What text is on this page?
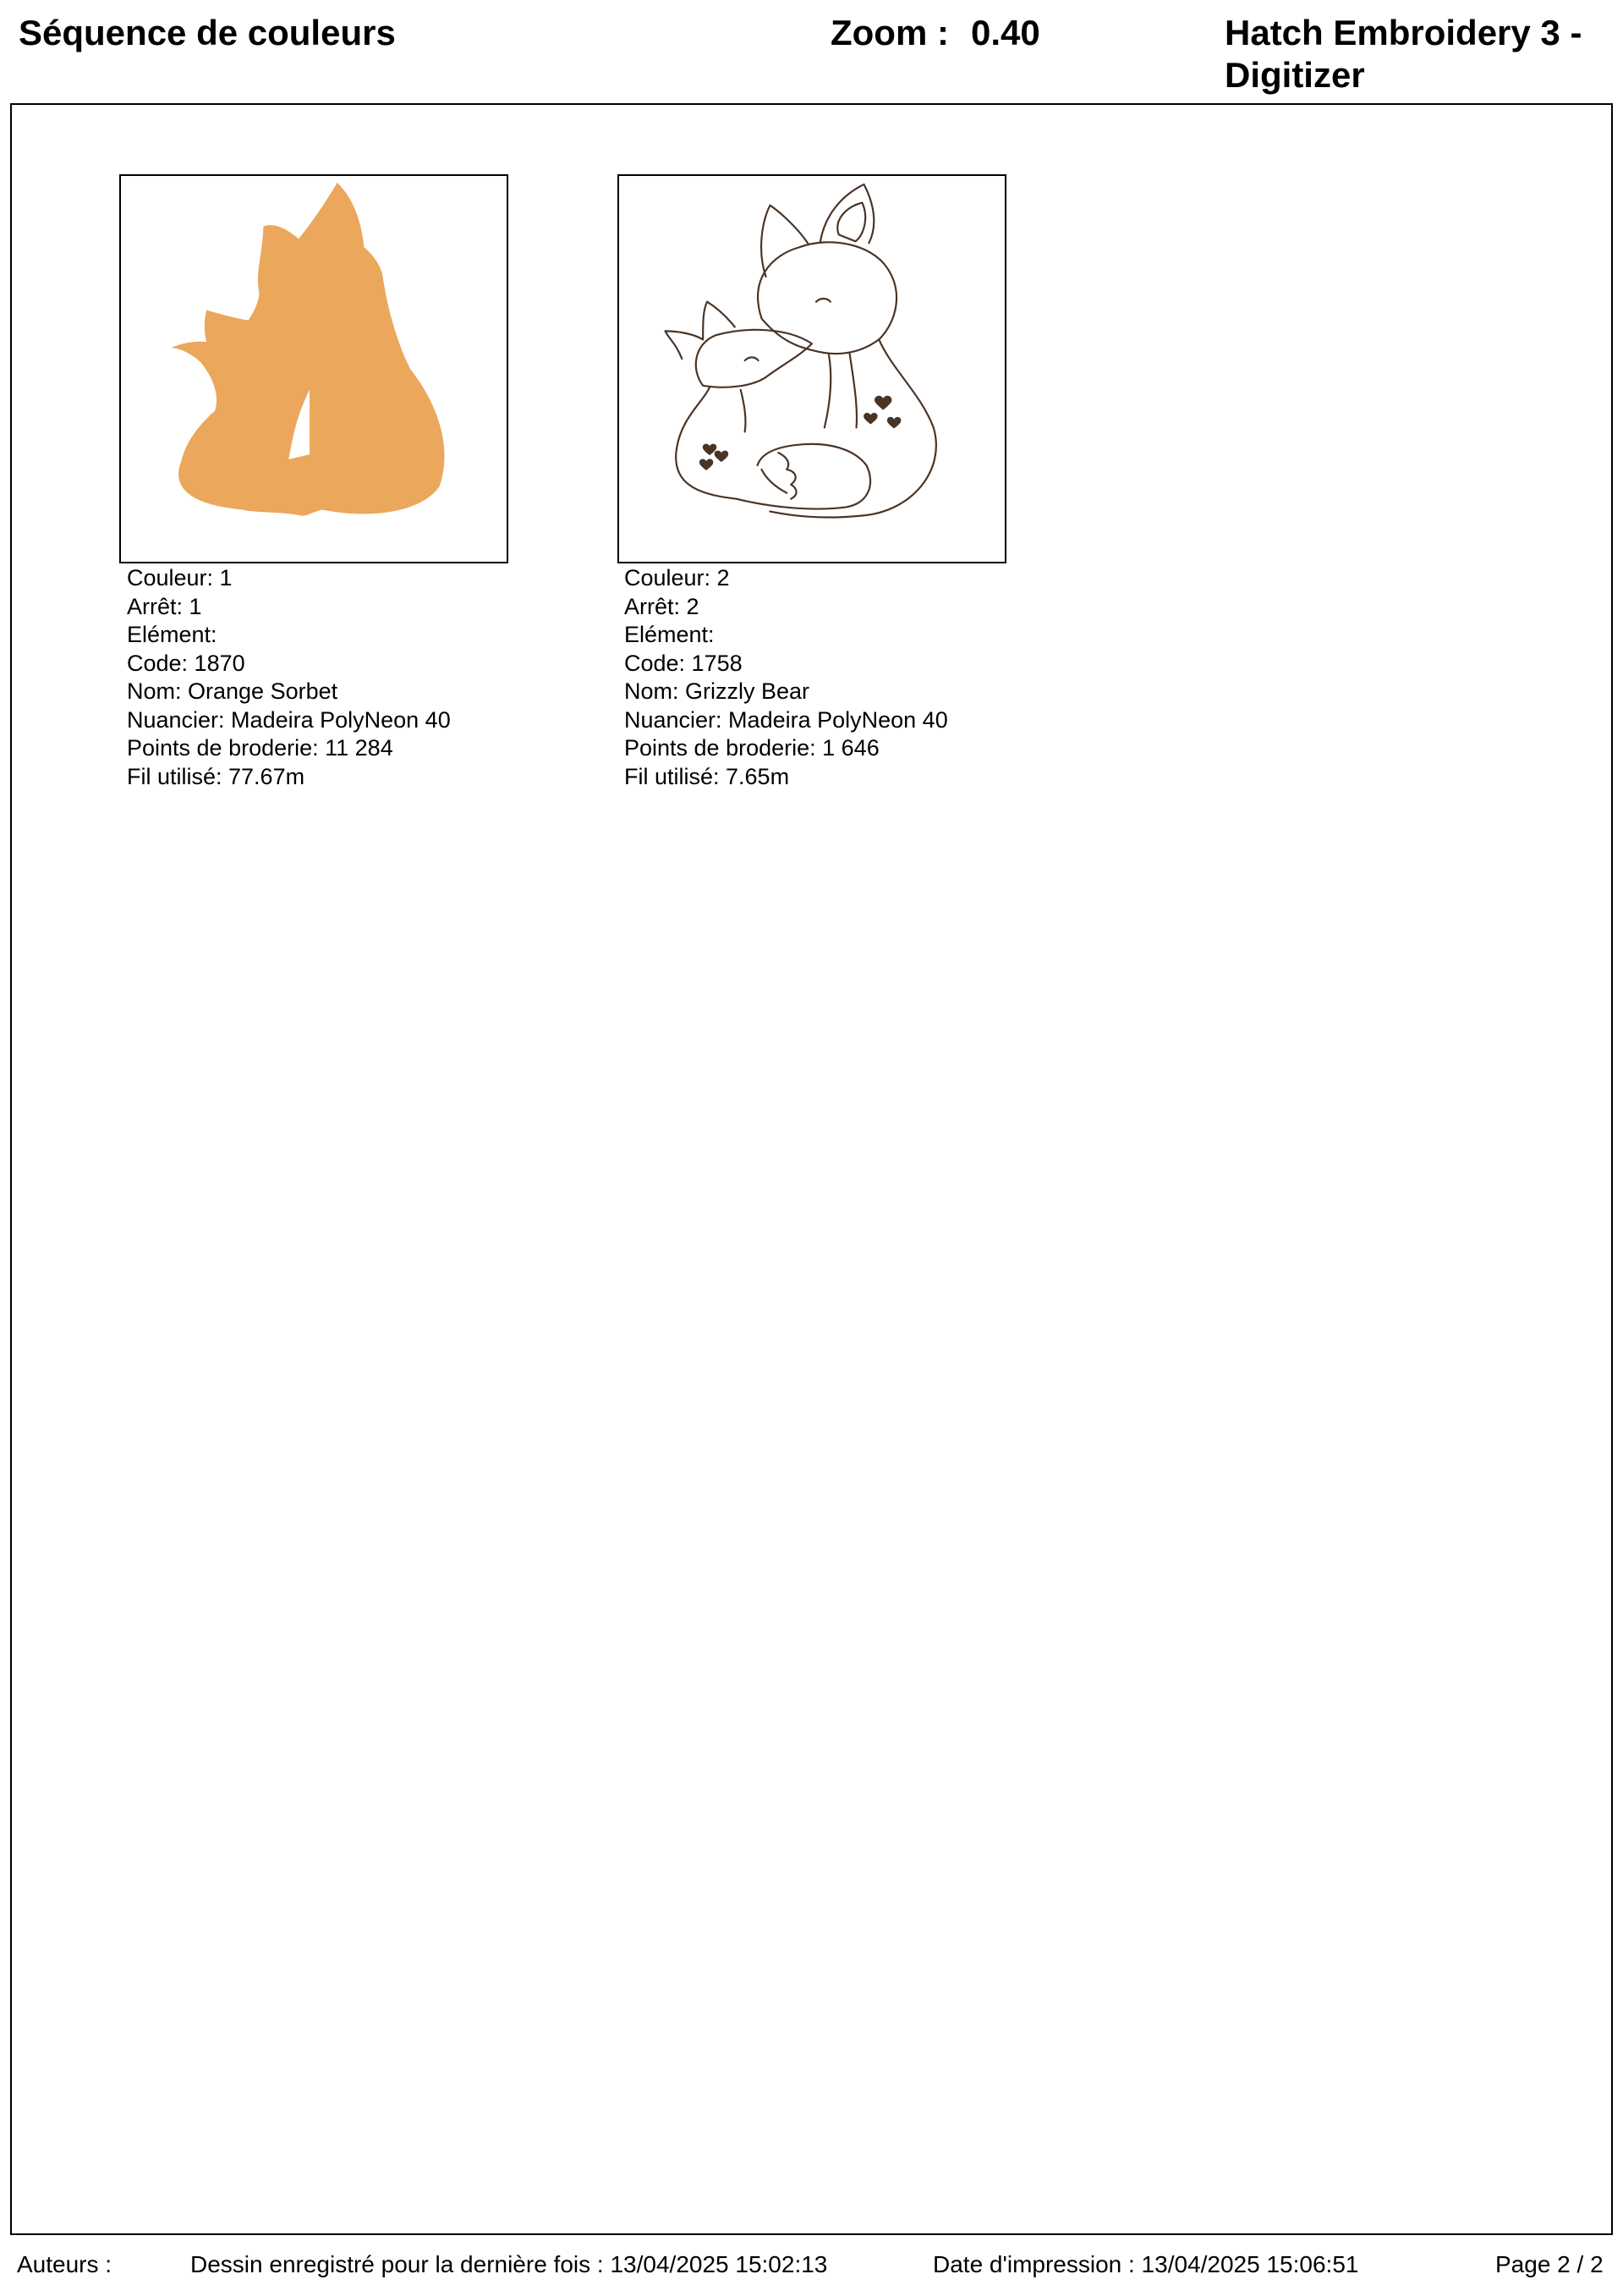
Séquence de couleurs	Zoom : 0.40	Hatch Embroidery 3 - Digitizer
Couleur: 1
Arrêt: 1
Elément:
Code: 1870
Nom: Orange Sorbet
Nuancier: Madeira PolyNeon 40
Points de broderie: 11 284
Fil utilisé: 77.67m
Couleur: 2
Arrêt: 2
Elément:
Code: 1758
Nom: Grizzly Bear
Nuancier: Madeira PolyNeon 40
Points de broderie: 1 646
Fil utilisé: 7.65m
Auteurs :	Dessin enregistré pour la dernière fois : 13/04/2025 15:02:13	Date d'impression : 13/04/2025 15:06:51	Page 2 / 2
